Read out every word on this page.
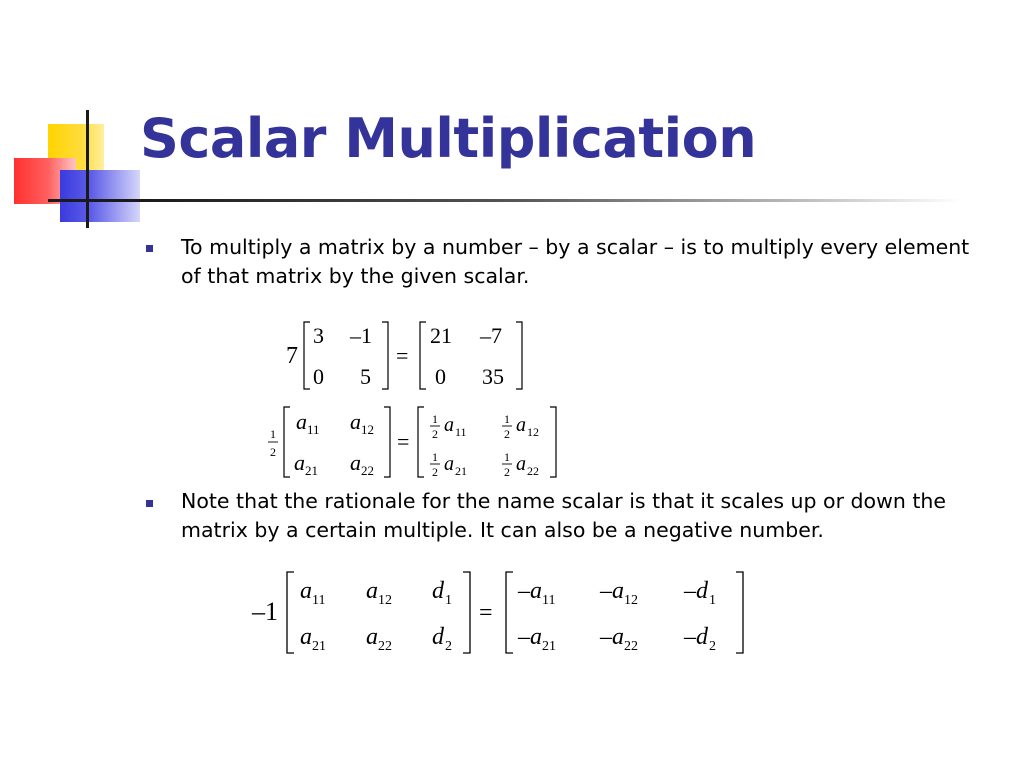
Scalar Multiplication

To multiply a matrix by a number – by a scalar – is to multiply every element of that matrix by the given scalar.

7
3 –1
0 5
=
21 –7
0 35
1
2
a 11 a 12
a 21 a 22
=
1
2 a 11
1
2 a 12
1
2 a 21
1
2 a 22

Note that the rationale for the name scalar is that it scales up or down the matrix by a certain multiple. It can also be a negative number.

–1
a 11 a 12 d 1
a 21 a 22 d 2
=
–a 11 –a 12 –d 1
–a 21 –a 22 –d 2
